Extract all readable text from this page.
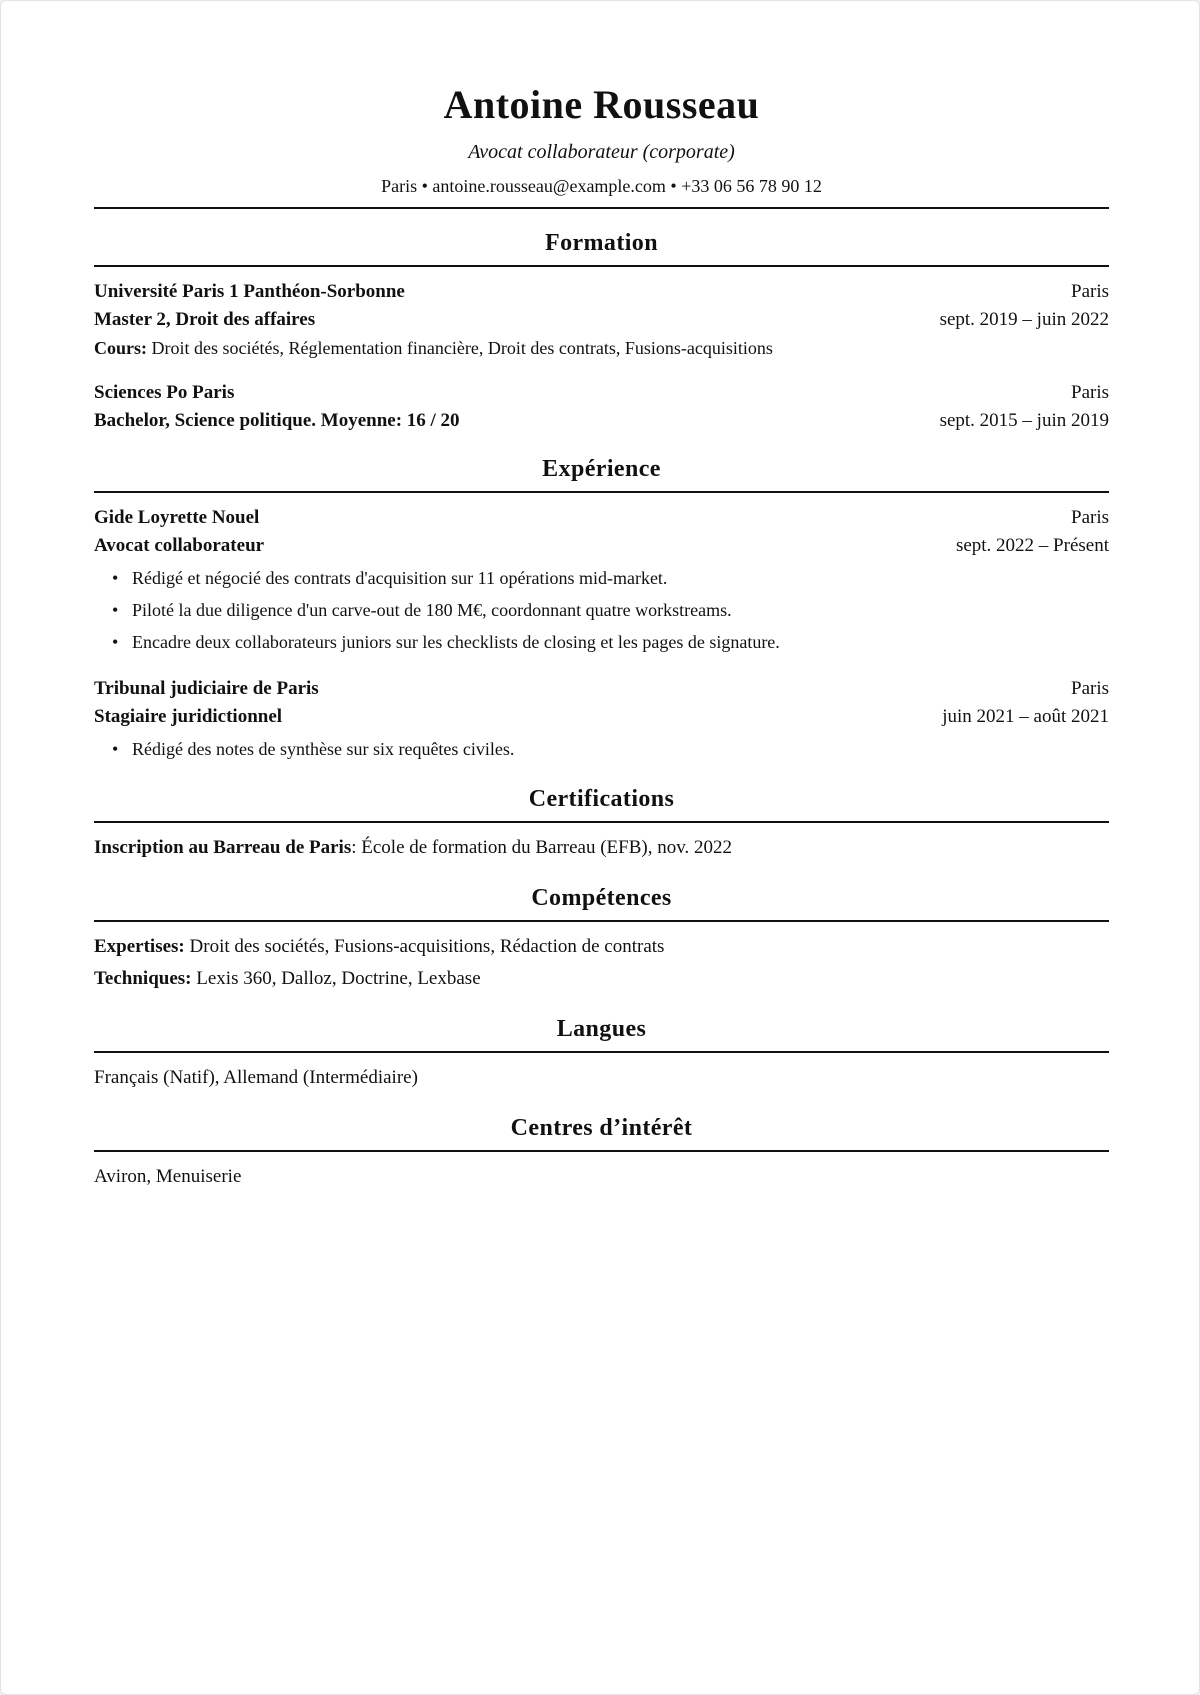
Antoine Rousseau
Avocat collaborateur (corporate)
Paris • antoine.rousseau@example.com • +33 06 56 78 90 12
Formation
Université Paris 1 Panthéon-Sorbonne	Paris
Master 2, Droit des affaires	sept. 2019 – juin 2022
Cours: Droit des sociétés, Réglementation financière, Droit des contrats, Fusions-acquisitions
Sciences Po Paris	Paris
Bachelor, Science politique. Moyenne: 16 / 20	sept. 2015 – juin 2019
Expérience
Gide Loyrette Nouel	Paris
Avocat collaborateur	sept. 2022 – Présent
• Rédigé et négocié des contrats d'acquisition sur 11 opérations mid-market.
• Piloté la due diligence d'un carve-out de 180 M€, coordonnant quatre workstreams.
• Encadre deux collaborateurs juniors sur les checklists de closing et les pages de signature.
Tribunal judiciaire de Paris	Paris
Stagiaire juridictionnel	juin 2021 – août 2021
• Rédigé des notes de synthèse sur six requêtes civiles.
Certifications
Inscription au Barreau de Paris: École de formation du Barreau (EFB), nov. 2022
Compétences
Expertises: Droit des sociétés, Fusions-acquisitions, Rédaction de contrats
Techniques: Lexis 360, Dalloz, Doctrine, Lexbase
Langues
Français (Natif), Allemand (Intermédiaire)
Centres d’intérêt
Aviron, Menuiserie
